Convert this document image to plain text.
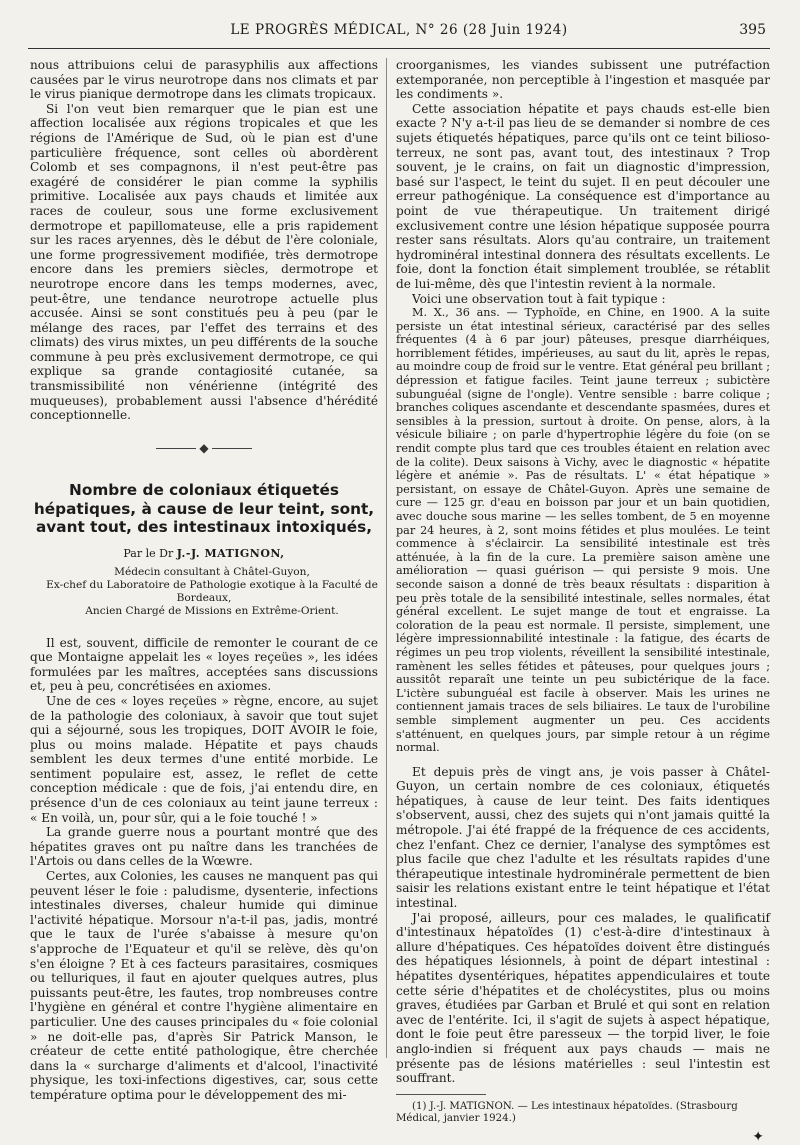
LE PROGRÈS MÉDICAL, N° 26 (28 Juin 1924)	395

nous attribuions celui de parasyphilis aux affections causées par le virus neurotrope dans nos climats et par le virus pianique dermotrope dans les climats tropicaux.

Si l'on veut bien remarquer que le pian est une affection localisée aux régions tropicales et que les régions de l'Amérique de Sud, où le pian est d'une particulière fréquence, sont celles où abordèrent Colomb et ses compagnons, il n'est peut-être pas exagéré de considérer le pian comme la syphilis primitive. Localisée aux pays chauds et limitée aux races de couleur, sous une forme exclusivement dermotrope et papillomateuse, elle a pris rapidement sur les races aryennes, dès le début de l'ère coloniale, une forme progressivement modifiée, très dermotrope encore dans les premiers siècles, dermotrope et neurotrope encore dans les temps modernes, avec, peut-être, une tendance neurotrope actuelle plus accusée. Ainsi se sont constitués peu à peu (par le mélange des races, par l'effet des terrains et des climats) des virus mixtes, un peu différents de la souche commune à peu près exclusivement dermotrope, ce qui explique sa grande contagiosité cutanée, sa transmissibilité non vénérienne (intégrité des muqueuses), probablement aussi l'absence d'hérédité conceptionnelle.

◆
Nombre de coloniaux étiquetés hépatiques, à cause de leur teint, sont, avant tout, des intestinaux intoxiqués,
Par le Dr J.-J. MATIGNON,

Médecin consultant à Châtel-Guyon,

Ex-chef du Laboratoire de Pathologie exotique à la Faculté de Bordeaux,

Ancien Chargé de Missions en Extrême-Orient.

Il est, souvent, difficile de remonter le courant de ce que Montaigne appelait les « loyes reçeües », les idées formulées par les maîtres, acceptées sans discussions et, peu à peu, concrétisées en axiomes.

Une de ces « loyes reçeües » règne, encore, au sujet de la pathologie des coloniaux, à savoir que tout sujet qui a séjourné, sous les tropiques, DOIT AVOIR le foie, plus ou moins malade. Hépatite et pays chauds semblent les deux termes d'une entité morbide. Le sentiment populaire est, assez, le reflet de cette conception médicale : que de fois, j'ai entendu dire, en présence d'un de ces coloniaux au teint jaune terreux : « En voilà, un, pour sûr, qui a le foie touché ! »

La grande guerre nous a pourtant montré que des hépatites graves ont pu naître dans les tranchées de l'Artois ou dans celles de la Wœwre.

Certes, aux Colonies, les causes ne manquent pas qui peuvent léser le foie : paludisme, dysenterie, infections intestinales diverses, chaleur humide qui diminue l'activité hépatique. Morsour n'a-t-il pas, jadis, montré que le taux de l'urée s'abaisse à mesure qu'on s'approche de l'Equateur et qu'il se relève, dès qu'on s'en éloigne ? Et à ces facteurs parasitaires, cosmiques ou telluriques, il faut en ajouter quelques autres, plus puissants peut-être, les fautes, trop nombreuses contre l'hygiène en général et contre l'hygiène alimentaire en particulier. Une des causes principales du « foie colonial » ne doit-elle pas, d'après Sir Patrick Manson, le créateur de cette entité pathologique, être cherchée dans la « surcharge d'aliments et d'alcool, l'inactivité physique, les toxi-infections digestives, car, sous cette température optima pour le développement des mi-

croorganismes, les viandes subissent une putréfaction extemporanée, non perceptible à l'ingestion et masquée par les condiments ».

Cette association hépatite et pays chauds est-elle bien exacte ? N'y a-t-il pas lieu de se demander si nombre de ces sujets étiquetés hépatiques, parce qu'ils ont ce teint bilioso-terreux, ne sont pas, avant tout, des intestinaux ? Trop souvent, je le crains, on fait un diagnostic d'impression, basé sur l'aspect, le teint du sujet. Il en peut découler une erreur pathogénique. La conséquence est d'importance au point de vue thérapeutique. Un traitement dirigé exclusivement contre une lésion hépatique supposée pourra rester sans résultats. Alors qu'au contraire, un traitement hydrominéral intestinal donnera des résultats excellents. Le foie, dont la fonction était simplement troublée, se rétablit de lui-même, dès que l'intestin revient à la normale.

Voici une observation tout à fait typique :

M. X., 36 ans. — Typhoïde, en Chine, en 1900. A la suite persiste un état intestinal sérieux, caractérisé par des selles fréquentes (4 à 6 par jour) pâteuses, presque diarrhéiques, horriblement fétides, impérieuses, au saut du lit, après le repas, au moindre coup de froid sur le ventre. Etat général peu brillant ; dépression et fatigue faciles. Teint jaune terreux ; subictère subunguéal (signe de l'ongle). Ventre sensible : barre colique ; branches coliques ascendante et descendante spasmées, dures et sensibles à la pression, surtout à droite. On pense, alors, à la vésicule biliaire ; on parle d'hypertrophie légère du foie (on se rendit compte plus tard que ces troubles étaient en relation avec de la colite). Deux saisons à Vichy, avec le diagnostic « hépatite légère et anémie ». Pas de résultats. L' « état hépatique » persistant, on essaye de Châtel-Guyon. Après une semaine de cure — 125 gr. d'eau en boisson par jour et un bain quotidien, avec douche sous marine — les selles tombent, de 5 en moyenne par 24 heures, à 2, sont moins fétides et plus moulées. Le teint commence à s'éclaircir. La sensibilité intestinale est très atténuée, à la fin de la cure. La première saison amène une amélioration — quasi guérison — qui persiste 9 mois. Une seconde saison a donné de très beaux résultats : disparition à peu près totale de la sensibilité intestinale, selles normales, état général excellent. Le sujet mange de tout et engraisse. La coloration de la peau est normale. Il persiste, simplement, une légère impressionnabilité intestinale : la fatigue, des écarts de régimes un peu trop violents, réveillent la sensibilité intestinale, ramènent les selles fétides et pâteuses, pour quelques jours ; aussitôt reparaît une teinte un peu subictérique de la face. L'ictère subunguéal est facile à observer. Mais les urines ne contiennent jamais traces de sels biliaires. Le taux de l'urobiline semble simplement augmenter un peu. Ces accidents s'atténuent, en quelques jours, par simple retour à un régime normal.

Et depuis près de vingt ans, je vois passer à Châtel-Guyon, un certain nombre de ces coloniaux, étiquetés hépatiques, à cause de leur teint. Des faits identiques s'observent, aussi, chez des sujets qui n'ont jamais quitté la métropole. J'ai été frappé de la fréquence de ces accidents, chez l'enfant. Chez ce dernier, l'analyse des symptômes est plus facile que chez l'adulte et les résultats rapides d'une thérapeutique intestinale hydrominérale permettent de bien saisir les relations existant entre le teint hépatique et l'état intestinal.

J'ai proposé, ailleurs, pour ces malades, le qualificatif d'intestinaux hépatoïdes (1) c'est-à-dire d'intestinaux à allure d'hépatiques. Ces hépatoïdes doivent être distingués des hépatiques lésionnels, à point de départ intestinal : hépatites dysentériques, hépatites appendiculaires et toute cette série d'hépatites et de cholécystites, plus ou moins graves, étudiées par Garban et Brulé et qui sont en relation avec de l'entérite. Ici, il s'agit de sujets à aspect hépatique, dont le foie peut être paresseux — the torpid liver, le foie anglo-indien si fréquent aux pays chauds — mais ne présente pas de lésions matérielles : seul l'intestin est souffrant.

(1) J.-J. MATIGNON. — Les intestinaux hépatoïdes. (Strasbourg Médical, janvier 1924.)

✦
